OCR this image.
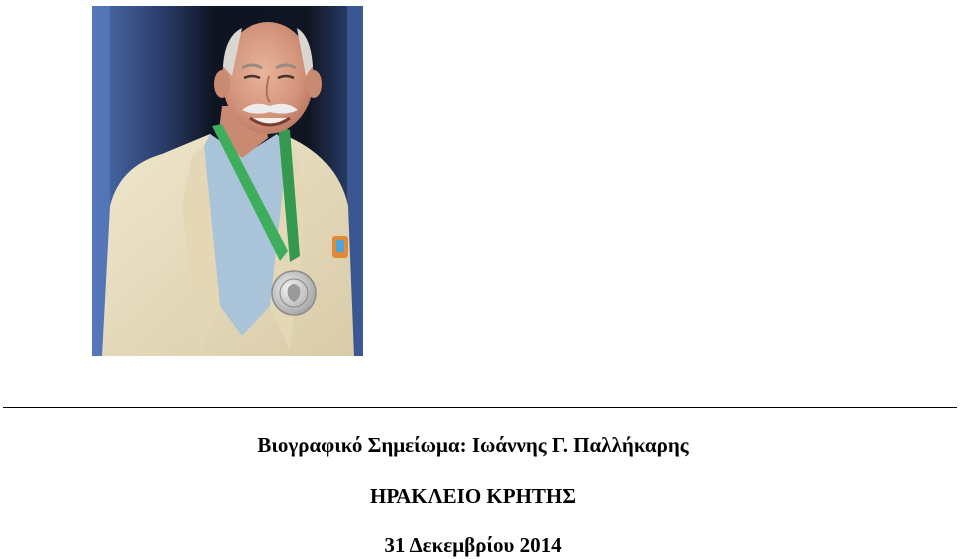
Βιογραφικό Σημείωμα: Ιωάννης Γ. Παλλήκαρης
ΗΡΑΚΛΕΙΟ ΚΡΗΤΗΣ
31 Δεκεμβρίου 2014
